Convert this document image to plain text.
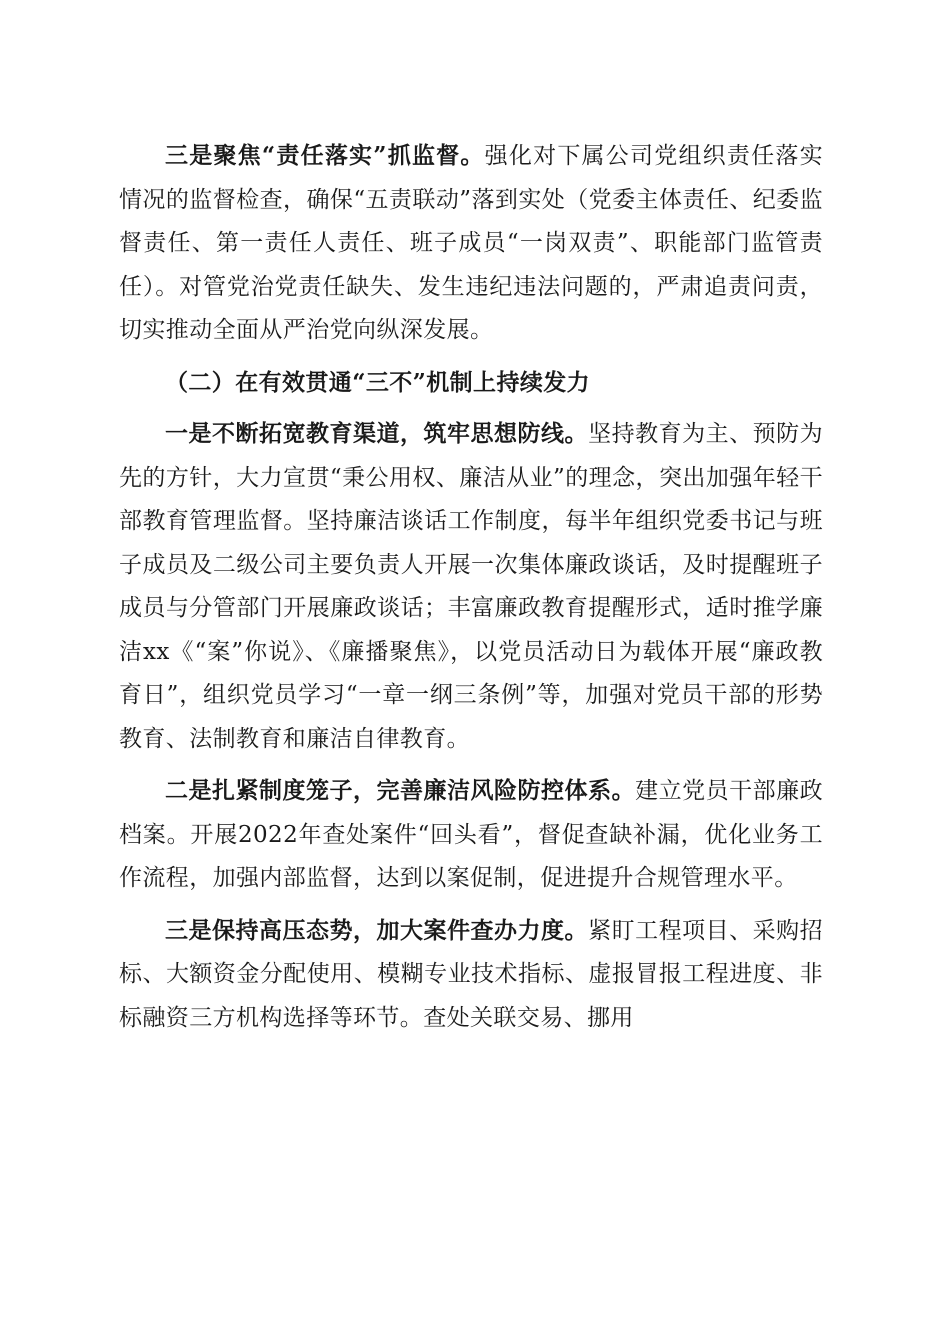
三是聚焦“责任落实”抓监督。强化对下属公司党组织责任落实情况的监督检查，确保“五责联动”落到实处（党委主体责任、纪委监督责任、第一责任人责任、班子成员“一岗双责”、职能部门监管责任）。对管党治党责任缺失、发生违纪违法问题的，严肃追责问责，切实推动全面从严治党向纵深发展。

（二）在有效贯通“三不”机制上持续发力

一是不断拓宽教育渠道，筑牢思想防线。坚持教育为主、预防为先的方针，大力宣贯“秉公用权、廉洁从业”的理念，突出加强年轻干部教育管理监督。坚持廉洁谈话工作制度，每半年组织党委书记与班子成员及二级公司主要负责人开展一次集体廉政谈话，及时提醒班子成员与分管部门开展廉政谈话；丰富廉政教育提醒形式，适时推学廉洁xx《“案”你说》、《廉播聚焦》，以党员活动日为载体开展“廉政教育日”，组织党员学习“一章一纲三条例”等，加强对党员干部的形势教育、法制教育和廉洁自律教育。

二是扎紧制度笼子，完善廉洁风险防控体系。建立党员干部廉政档案。开展2022年查处案件“回头看”，督促查缺补漏，优化业务工作流程，加强内部监督，达到以案促制，促进提升合规管理水平。

三是保持高压态势，加大案件查办力度。紧盯工程项目、采购招标、大额资金分配使用、模糊专业技术指标、虚报冒报工程进度、非标融资三方机构选择等环节。查处关联交易、挪用
